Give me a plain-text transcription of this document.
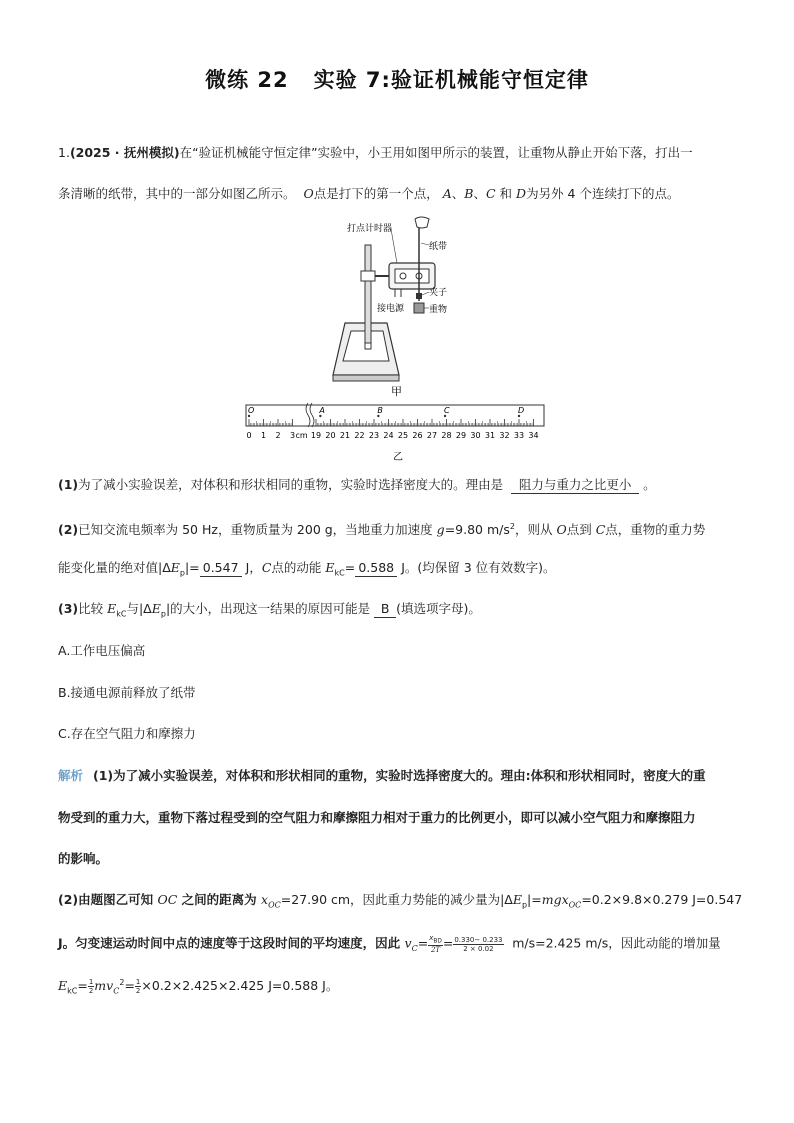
微练 22 实验 7:验证机械能守恒定律
1.(2025 · 抚州模拟)在“验证机械能守恒定律”实验中，小王用如图甲所示的装置，让重物从静止开始下落，打出一
条清晰的纸带，其中的一部分如图乙所示。 O点是打下的第一个点， A、B、C 和 D为另外 4 个连续打下的点。
打点计时器
纸带
夹子
接电源	重物
甲
O	A	B	C	D
0 1 2 3 cm 19 20 21 22 23 24 25 26 27 28 29 30 31 32 33 34
乙
(1)为了减小实验误差，对体积和形状相同的重物，实验时选择密度大的。理由是 阻力与重力之比更小 。
(2)已知交流电频率为 50 Hz，重物质量为 200 g，当地重力加速度 g=9.80 $m/s^2$，则从 O点到 C点，重物的重力势
能变化量的绝对值$|\Delta E_p|= 0.547$ J，C点的动能 $E_{kC}= 0.588$ J。(均保留 3 位有效数字)。
(3)比较 $E_{kC}$与$|\Delta E_p|$的大小，出现这一结果的原因可能是 B (填选项字母)。
A.工作电压偏高
B.接通电源前释放了纸带
C.存在空气阻力和摩擦力
解析 (1)为了减小实验误差，对体积和形状相同的重物，实验时选择密度大的。理由:体积和形状相同时，密度大的重
物受到的重力大，重物下落过程受到的空气阻力和摩擦阻力相对于重力的比例更小，即可以减小空气阻力和摩擦阻力
的影响。
(2)由题图乙可知 OC 之间的距离为 $x_{OC}=27.90$ cm，因此重力势能的减少量为$|\Delta E_p|=mgx_{OC}=0.2\times 9.8\times 0.279$ J=0.547
J。匀变速运动时间中点的速度等于这段时间的平均速度，因此 $v_C= \frac{x_{BD}}{2T} = \frac{0.330- 0.233}{2 \times 0.02} m/s=2.425$ m/s，因此动能的增加量
$E_{kC}= \frac{1}{2} mv_C^2= \frac{1}{2} \times 0.2\times 2.425\times 2.425$ J=0.588 J。
